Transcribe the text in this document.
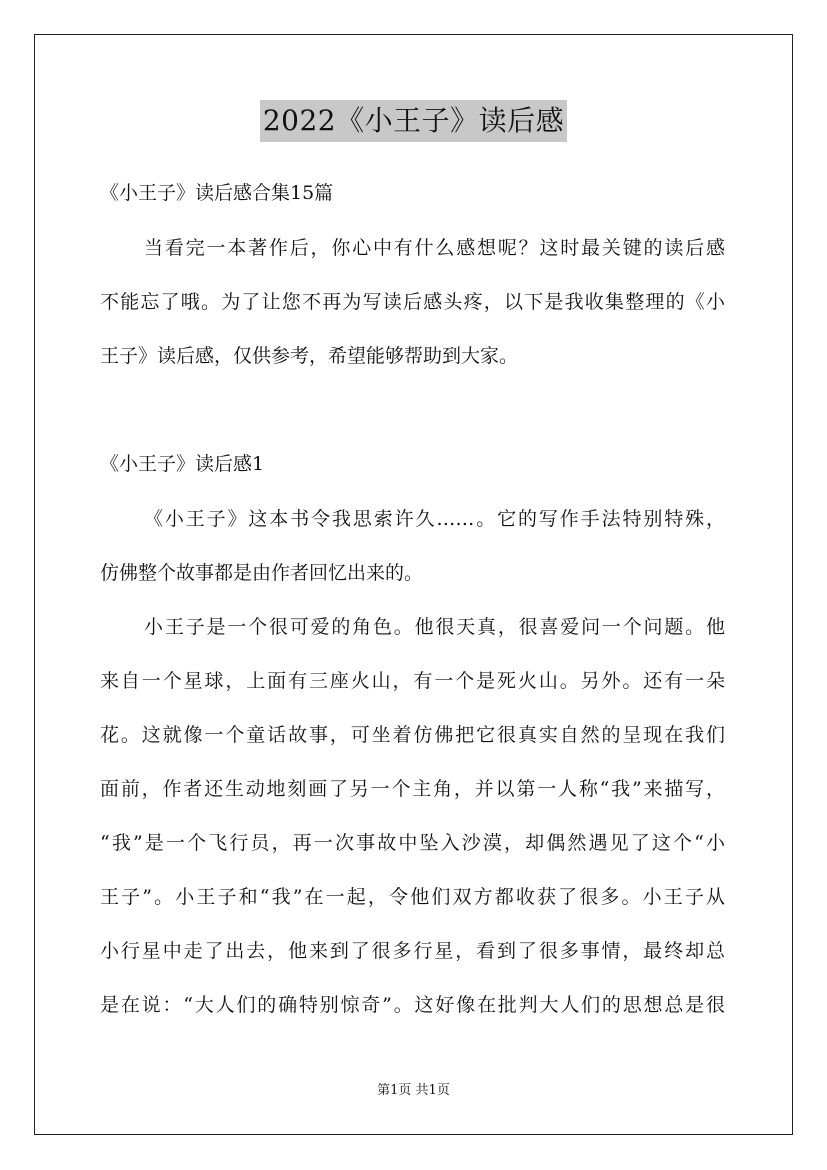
2022《小王子》读后感
《小王子》读后感合集15篇
当看完一本著作后，你心中有什么感想呢？这时最关键的读后感
不能忘了哦。为了让您不再为写读后感头疼，以下是我收集整理的《小
王子》读后感，仅供参考，希望能够帮助到大家。
《小王子》读后感1
《小王子》这本书令我思索许久……。它的写作手法特别特殊，
仿佛整个故事都是由作者回忆出来的。
小王子是一个很可爱的角色。他很天真，很喜爱问一个问题。他
来自一个星球，上面有三座火山，有一个是死火山。另外。还有一朵
花。这就像一个童话故事，可坐着仿佛把它很真实自然的呈现在我们
面前，作者还生动地刻画了另一个主角，并以第一人称“我”来描写，
“我”是一个飞行员，再一次事故中坠入沙漠，却偶然遇见了这个“小
王子”。小王子和“我”在一起，令他们双方都收获了很多。小王子从
小行星中走了出去，他来到了很多行星，看到了很多事情，最终却总
是在说：“大人们的确特别惊奇”。这好像在批判大人们的思想总是很
第1页 共1页
